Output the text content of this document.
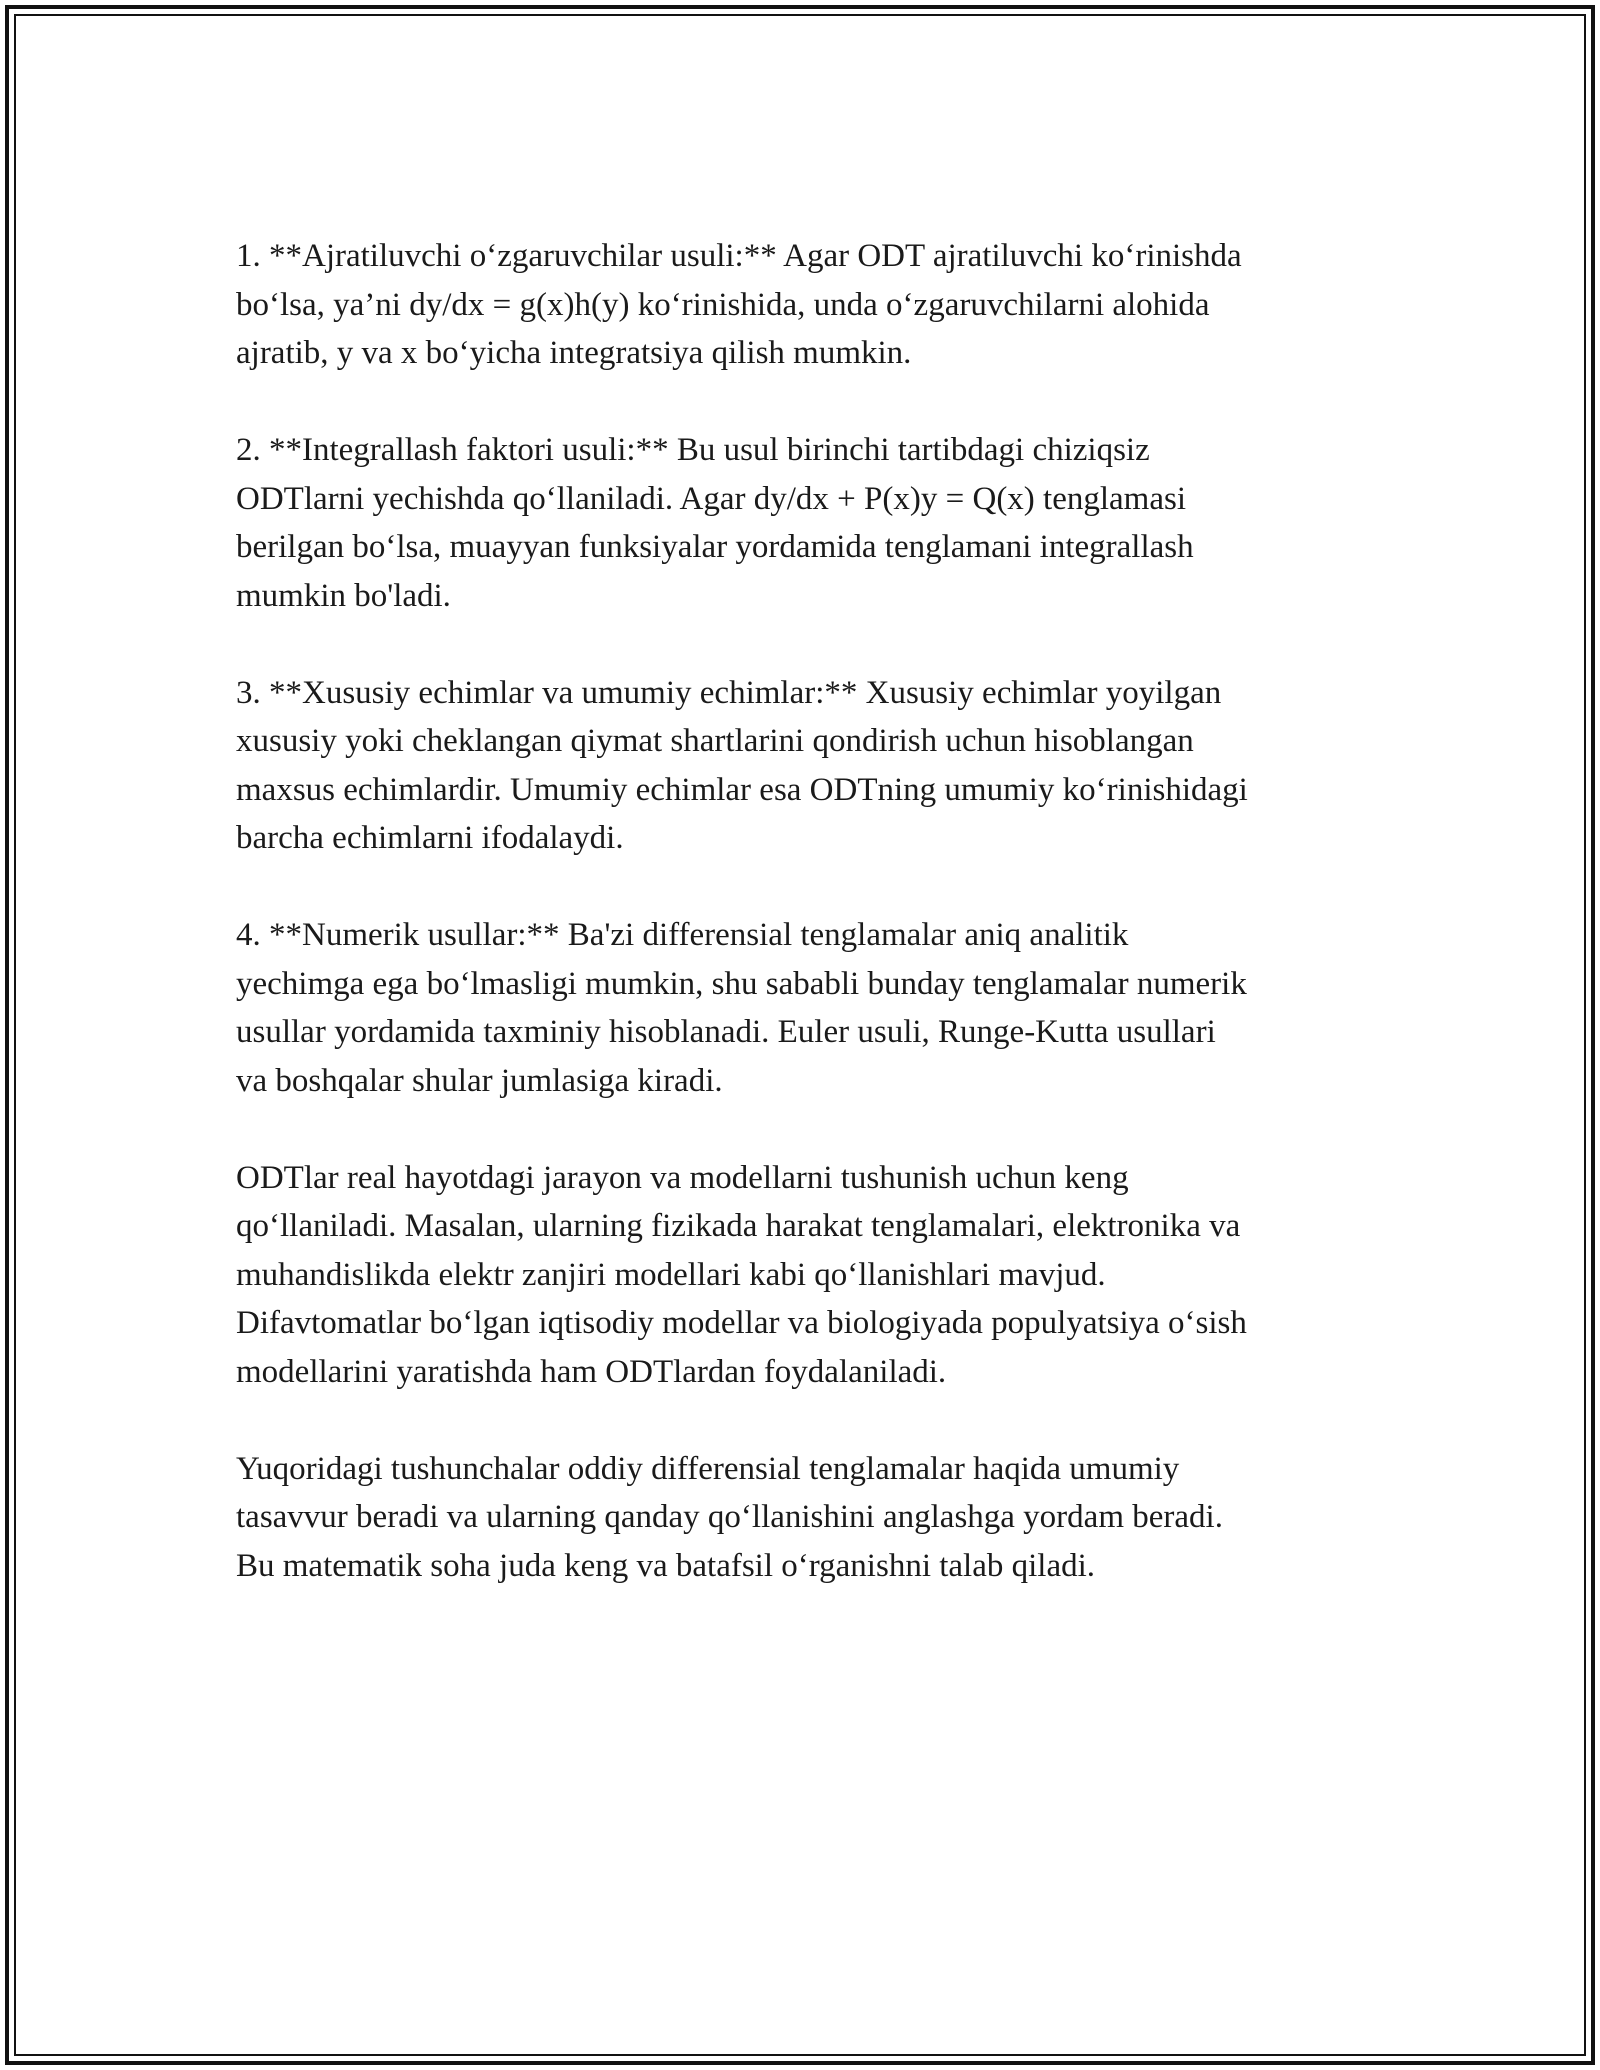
1. **Ajratiluvchi o‘zgaruvchilar usuli:** Agar ODT ajratiluvchi ko‘rinishda
bo‘lsa, ya’ni dy/dx = g(x)h(y) ko‘rinishida, unda o‘zgaruvchilarni alohida
ajratib, y va x bo‘yicha integratsiya qilish mumkin.

2. **Integrallash faktori usuli:** Bu usul birinchi tartibdagi chiziqsiz
ODTlarni yechishda qo‘llaniladi. Agar dy/dx + P(x)y = Q(x) tenglamasi
berilgan bo‘lsa, muayyan funksiyalar yordamida tenglamani integrallash
mumkin bo'ladi.

3. **Xususiy echimlar va umumiy echimlar:** Xususiy echimlar yoyilgan
xususiy yoki cheklangan qiymat shartlarini qondirish uchun hisoblangan
maxsus echimlardir. Umumiy echimlar esa ODTning umumiy ko‘rinishidagi
barcha echimlarni ifodalaydi.

4. **Numerik usullar:** Ba'zi differensial tenglamalar aniq analitik
yechimga ega bo‘lmasligi mumkin, shu sababli bunday tenglamalar numerik
usullar yordamida taxminiy hisoblanadi. Euler usuli, Runge-Kutta usullari
va boshqalar shular jumlasiga kiradi.

ODTlar real hayotdagi jarayon va modellarni tushunish uchun keng
qo‘llaniladi. Masalan, ularning fizikada harakat tenglamalari, elektronika va
muhandislikda elektr zanjiri modellari kabi qo‘llanishlari mavjud.
Difavtomatlar bo‘lgan iqtisodiy modellar va biologiyada populyatsiya o‘sish
modellarini yaratishda ham ODTlardan foydalaniladi.

Yuqoridagi tushunchalar oddiy differensial tenglamalar haqida umumiy
tasavvur beradi va ularning qanday qo‘llanishini anglashga yordam beradi.
Bu matematik soha juda keng va batafsil o‘rganishni talab qiladi.
